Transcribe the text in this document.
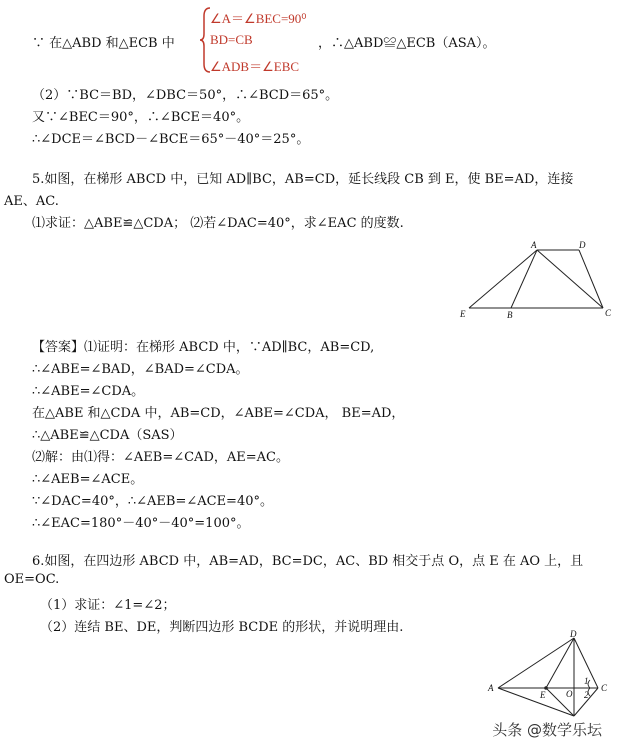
∵ 在△ABD 和△ECB 中
∠A＝∠BEC=90⁰
BD=CB
∠ADB＝∠EBC
，∴△ABD≌△ECB（ASA）。
（2）∵BC＝BD，∠DBC＝50°，∴∠BCD＝65°。
又∵∠BEC＝90°，∴∠BCE＝40°。
∴∠DCE＝∠BCD－∠BCE＝65°－40°＝25°。
5.如图，在梯形 ABCD 中，已知 AD∥BC，AB=CD，延长线段 CB 到 E，使 BE=AD，连接
AE、AC.
⑴求证：△ABE≌△CDA； ⑵若∠DAC=40°，求∠EAC 的度数.
A	D
E	B	C
【答案】⑴证明：在梯形 ABCD 中，∵AD∥BC，AB=CD,
∴∠ABE=∠BAD，∠BAD=∠CDA。
∴∠ABE=∠CDA。
在△ABE 和△CDA 中，AB=CD，∠ABE=∠CDA， BE=AD，
∴△ABE≌△CDA（SAS）
⑵解：由⑴得：∠AEB=∠CAD，AE=AC。
∴∠AEB=∠ACE。
∵∠DAC=40°，∴∠AEB=∠ACE=40°。
∴∠EAC=180°－40°－40°=100°。
6.如图，在四边形 ABCD 中，AB=AD，BC=DC，AC、BD 相交于点 O，点 E 在 AO 上，且
OE=OC.
（1）求证：∠1=∠2；
（2）连结 BE、DE，判断四边形 BCDE 的形状，并说明理由.	D
A
E O
C
1
2
头条 @数学乐坛
